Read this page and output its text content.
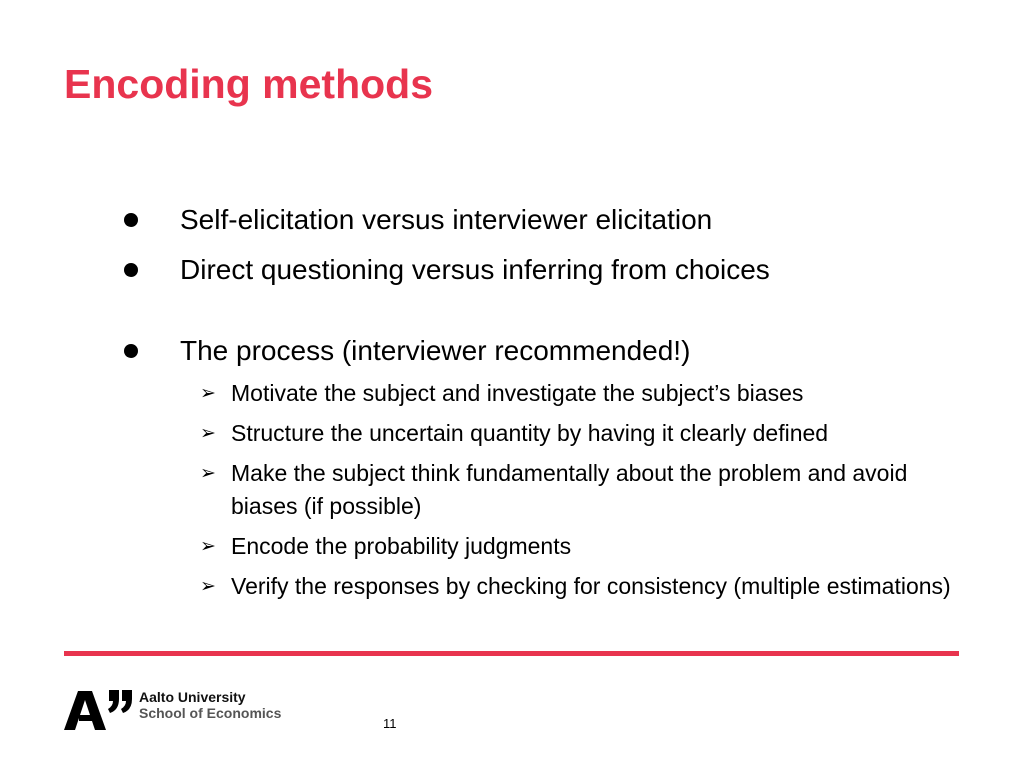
Encoding methods
Self-elicitation versus interviewer elicitation
Direct questioning versus inferring from choices
The process (interviewer recommended!)
➢ Motivate the subject and investigate the subject’s biases
➢ Structure the uncertain quantity by having it clearly defined
➢ Make the subject think fundamentally about the problem and avoid biases (if possible)
➢ Encode the probability judgments
➢ Verify the responses by checking for consistency (multiple estimations)
Aalto University
School of Economics
11
